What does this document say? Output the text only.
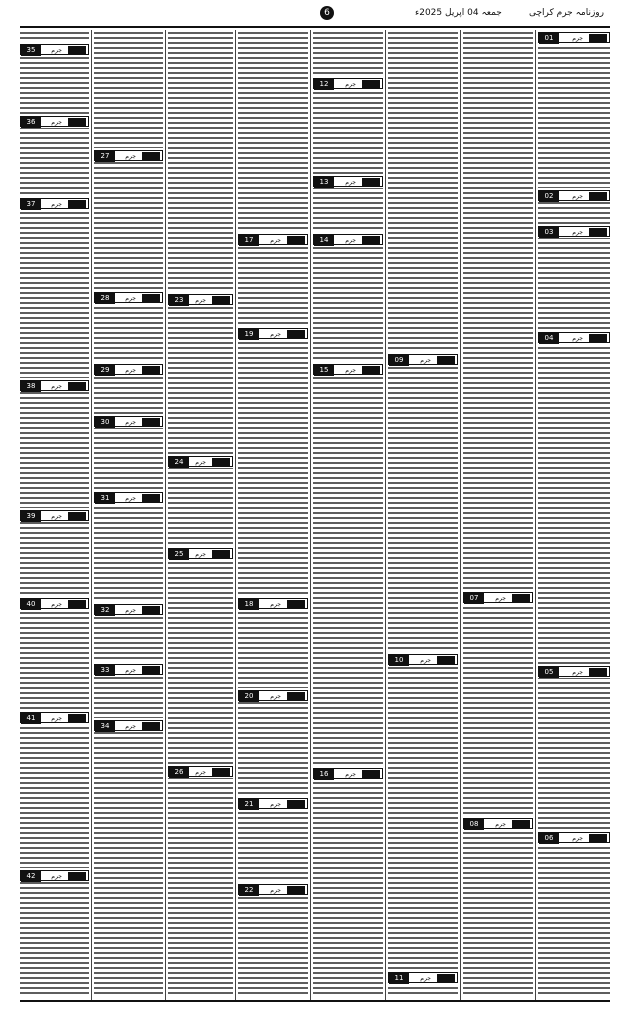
روزنامہ جرم کراچی
جمعہ 04 اپریل 2025ء
6
01	جرم
02	جرم
03	جرم
04	جرم
05	جرم
06	جرم
07	جرم
08	جرم
09	جرم
10	جرم
11	جرم
12	جرم
13	جرم
14	جرم
15	جرم
16	جرم
17	جرم
18	جرم
19	جرم
20	جرم
21	جرم
22	جرم
23	جرم
24	جرم
25	جرم
26	جرم
27	جرم
28	جرم
29	جرم
30	جرم
31	جرم
32	جرم
33	جرم
34	جرم
35	جرم
36	جرم
37	جرم
38	جرم
39	جرم
40	جرم
41	جرم
42	جرم
